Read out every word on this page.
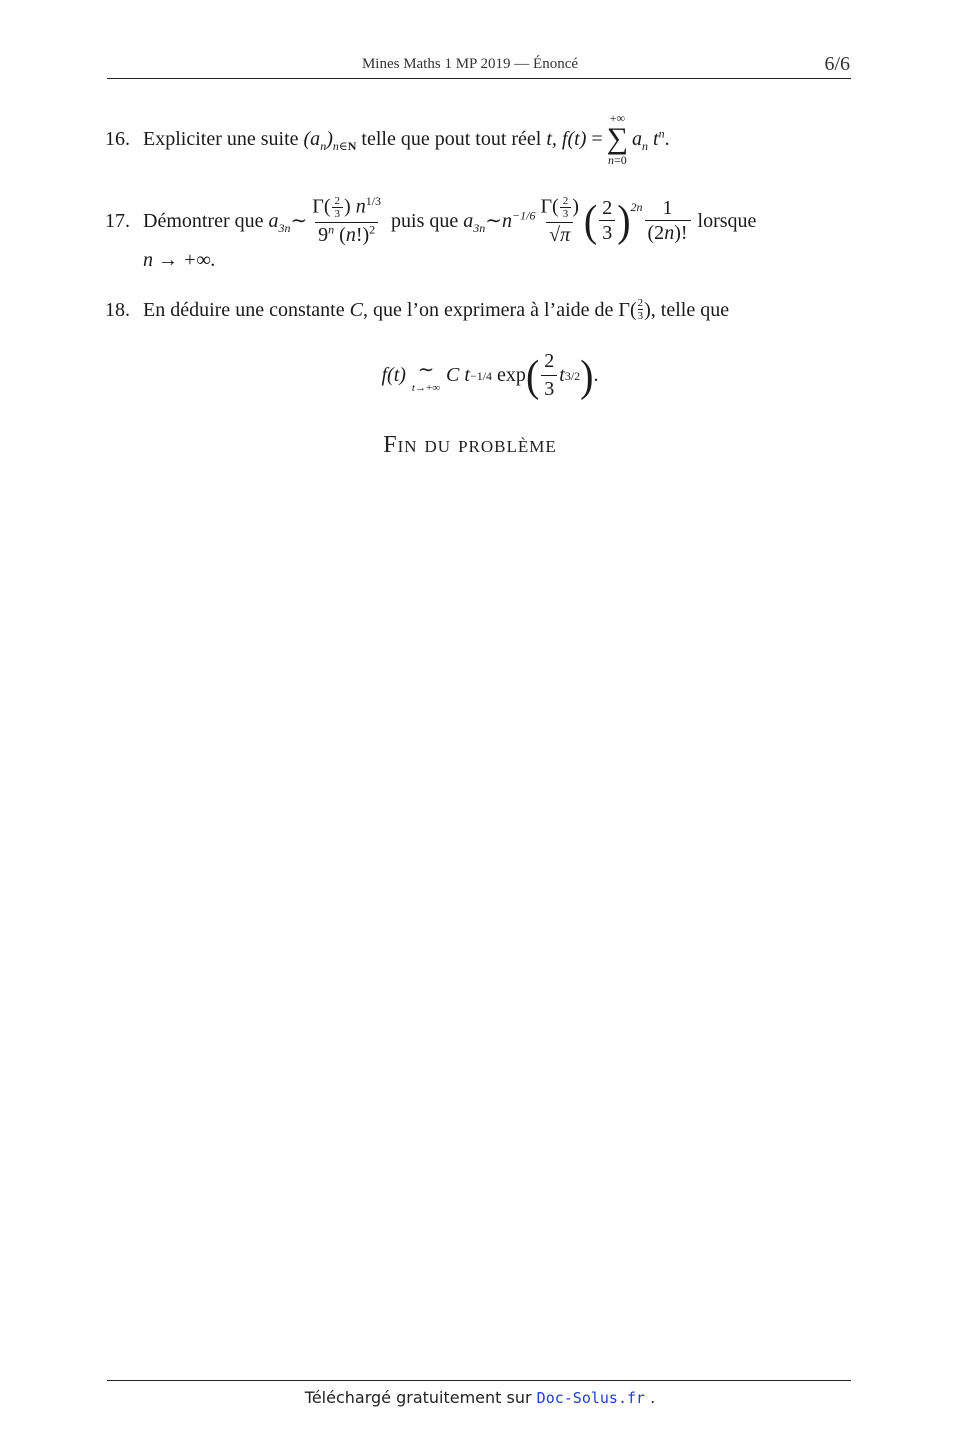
Mines Maths 1 MP 2019 — Énoncé	6/6
16. Expliciter une suite
$(a_n)_{n\in N}$
telle que pout tout réel
t, f(t) =
+∞
∑
n=0
$a_n$ $t^n$ .
17. Démontrer que
$a_{3n}\sim \frac{\Gamma( \frac{2}{3} ) n^{1/3}}{9^n (n!)^2}$
puis que
$a_{3n}\sim n^{-1/6} \frac{\Gamma( \frac{2}{3} )}{√\pi}$ ( $\frac{2}{3} )^{2n} \frac{1}{(2n)!}$
lorsque
n → +∞.
18. En déduire une constante
C , que l’on exprimera à l’aide de
Γ( 2
3 ) , telle que
f(t) ∼
t→+∞
C t −1/4
exp ( $\frac{2}{3}$ t 3/2 ) .
Fin du problème
Téléchargé gratuitement sur Doc-Solus.fr .
